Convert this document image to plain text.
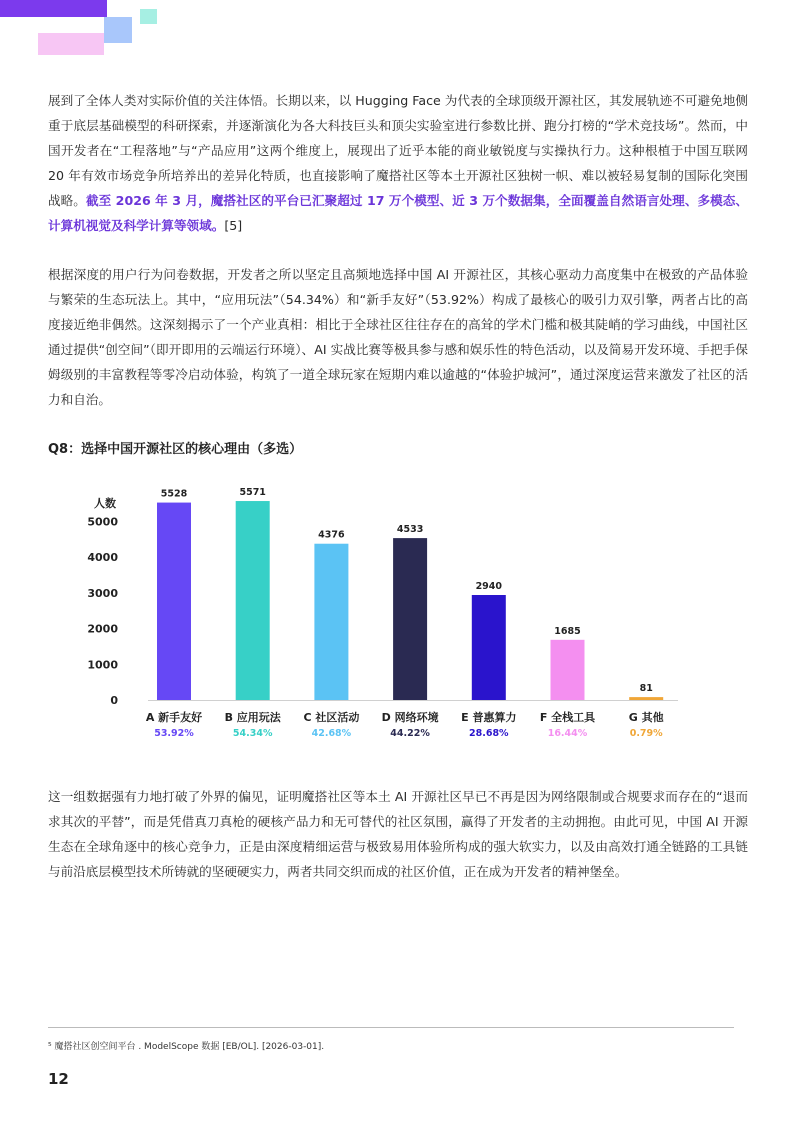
展到了全体人类对实际价值的关注体悟。长期以来，以 Hugging Face 为代表的全球顶级开源社区，其发展轨迹不可避免地侧重于底层基础模型的科研探索，并逐渐演化为各大科技巨头和顶尖实验室进行参数比拼、跑分打榜的“学术竞技场”。然而，中国开发者在“工程落地”与“产品应用”这两个维度上，展现出了近乎本能的商业敏锐度与实操执行力。这种根植于中国互联网 20 年有效市场竞争所培养出的差异化特质，也直接影响了魔搭社区等本土开源社区独树一帜、难以被轻易复制的国际化突围战略。截至 2026 年 3 月，魔搭社区的平台已汇聚超过 17 万个模型、近 3 万个数据集，全面覆盖自然语言处理、多模态、计算机视觉及科学计算等领域。[5]

根据深度的用户行为问卷数据，开发者之所以坚定且高频地选择中国 AI 开源社区，其核心驱动力高度集中在极致的产品体验与繁荣的生态玩法上。其中，“应用玩法”（54.34%）和“新手友好”（53.92%）构成了最核心的吸引力双引擎，两者占比的高度接近绝非偶然。这深刻揭示了一个产业真相：相比于全球社区往往存在的高耸的学术门槛和极其陡峭的学习曲线，中国社区通过提供“创空间”（即开即用的云端运行环境）、AI 实战比赛等极具参与感和娱乐性的特色活动，以及简易开发环境、手把手保姆级别的丰富教程等零冷启动体验，构筑了一道全球玩家在短期内难以逾越的“体验护城河”，通过深度运营来激发了社区的活力和自治。

Q8：选择中国开源社区的核心理由（多选）
人数
0
1000
2000
3000
4000
5000
5528
A 新手友好
53.92%
5571
B 应用玩法
54.34%
4376
C 社区活动
42.68%
4533
D 网络环境
44.22%
2940
E 普惠算力
28.68%
1685
F 全栈工具
16.44%
81
G 其他
0.79%

这一组数据强有力地打破了外界的偏见，证明魔搭社区等本土 AI 开源社区早已不再是因为网络限制或合规要求而存在的“退而求其次的平替”，而是凭借真刀真枪的硬核产品力和无可替代的社区氛围，赢得了开发者的主动拥抱。由此可见，中国 AI 开源生态在全球角逐中的核心竞争力，正是由深度精细运营与极致易用体验所构成的强大软实力，以及由高效打通全链路的工具链与前沿底层模型技术所铸就的坚硬硬实力，两者共同交织而成的社区价值，正在成为开发者的精神堡垒。

⁵ 魔搭社区创空间平台 . ModelScope 数据 [EB/OL]. [2026-03-01].
12
